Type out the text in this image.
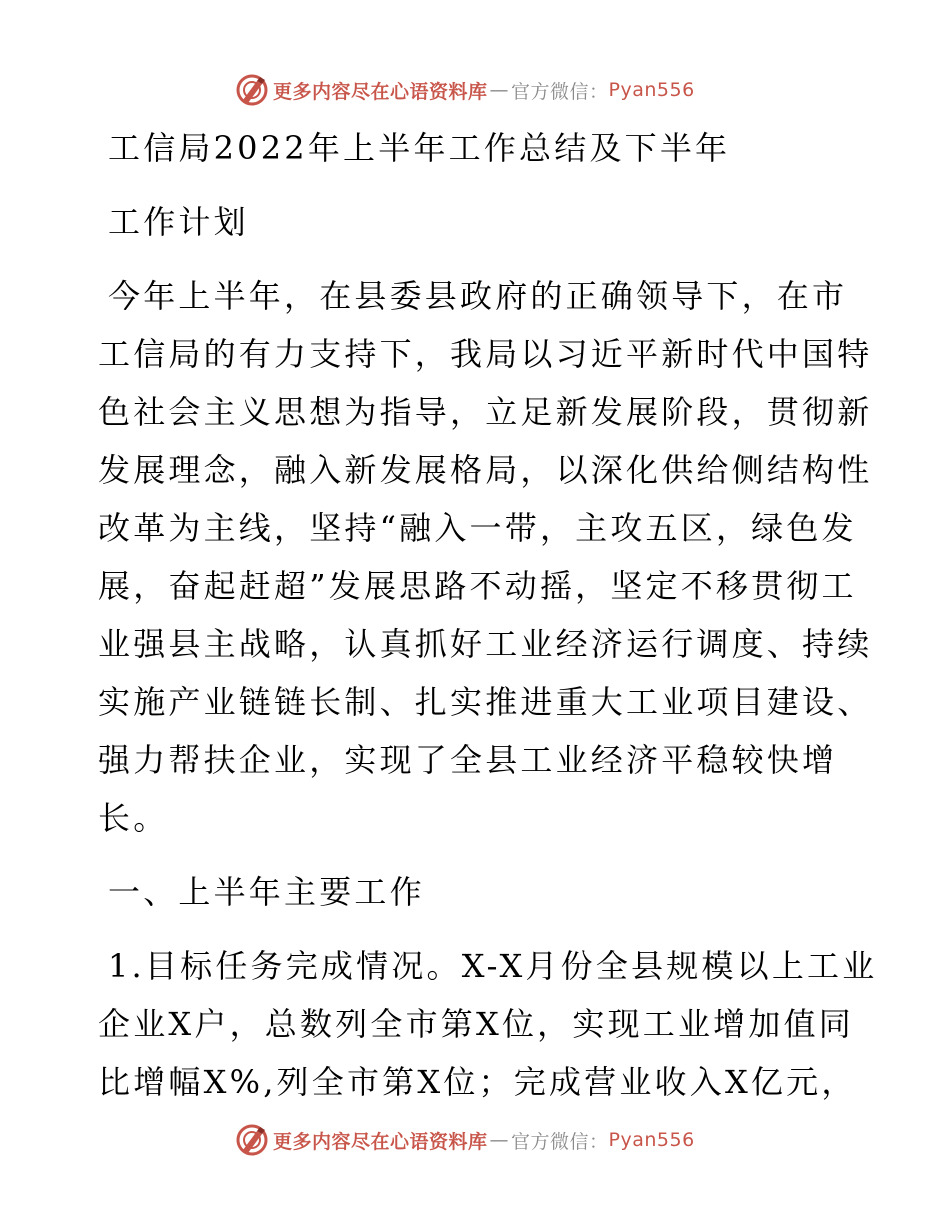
更多内容尽在心语资料库 — 官方微信： Pyan556
工信局2022年上半年工作总结及下半年
工作计划
今年上半年，在县委县政府的正确领导下，在市
工信局的有力支持下，我局以习近平新时代中国特
色社会主义思想为指导，立足新发展阶段，贯彻新
发展理念，融入新发展格局，以深化供给侧结构性
改革为主线，坚持“融入一带，主攻五区，绿色发
展，奋起赶超”发展思路不动摇，坚定不移贯彻工
业强县主战略，认真抓好工业经济运行调度、持续
实施产业链链长制、扎实推进重大工业项目建设、
强力帮扶企业，实现了全县工业经济平稳较快增
长。
一、上半年主要工作
1.目标任务完成情况。X-X月份全县规模以上工业
企业X户，总数列全市第X位，实现工业增加值同
比增幅X%,列全市第X位；完成营业收入X亿元，
更多内容尽在心语资料库 — 官方微信： Pyan556
